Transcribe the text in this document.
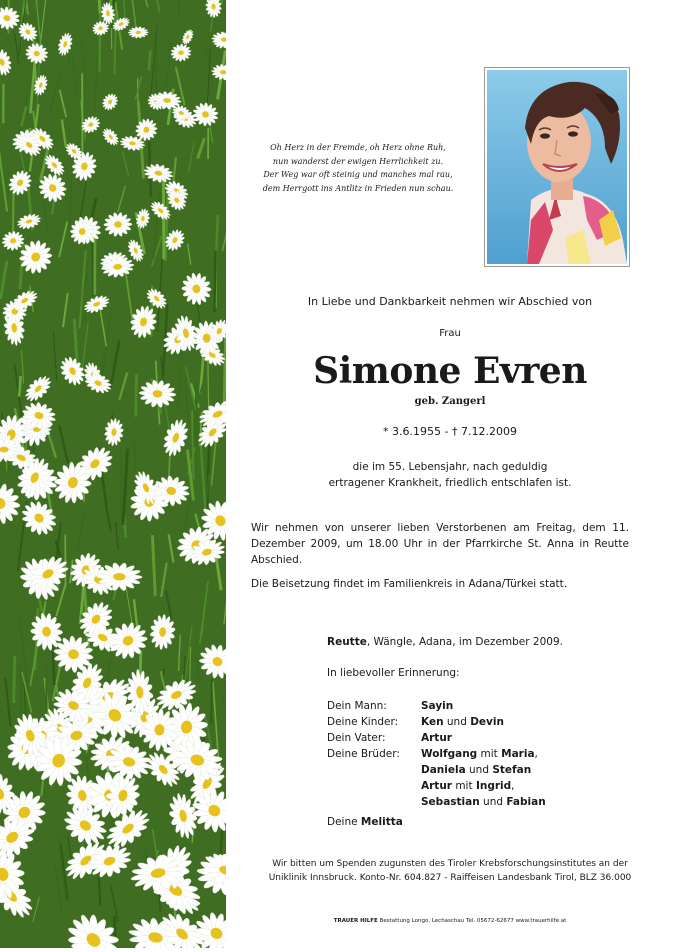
Oh Herz in der Fremde, oh Herz ohne Ruh,
nun wanderst der ewigen Herrlichkeit zu.
Der Weg war oft steinig und manches mal rau,
dem Herrgott ins Antlitz in Frieden nun schau.
In Liebe und Dankbarkeit nehmen wir Abschied von
Frau
Simone Evren
geb. Zangerl
* 3.6.1955 - † 7.12.2009
die im 55. Lebensjahr, nach geduldig
ertragener Krankheit, friedlich entschlafen ist.
Wir nehmen von unserer lieben Verstorbenen am Freitag, dem 11. Dezember 2009, um 18.00 Uhr in der Pfarrkirche St. Anna in Reutte Abschied.
Die Beisetzung findet im Familienkreis in Adana/Türkei statt.
Reutte, Wängle, Adana, im Dezember 2009.
In liebevoller Erinnerung:
Dein Mann:	Sayin
Deine Kinder:	Ken und Devin
Dein Vater:	Artur
Deine Brüder:	Wolfgang mit Maria,
Daniela und Stefan
Artur mit Ingrid,
Sebastian und Fabian
Deine Melitta
Wir bitten um Spenden zugunsten des Tiroler Krebsforschungsinstitutes an der
Uniklinik Innsbruck. Konto-Nr. 604.827 - Raiffeisen Landesbank Tirol, BLZ 36.000
TRAUER HILFE Bestattung Longo, Lechaschau Tel. 05672-62677 www.trauerhilfe.at
